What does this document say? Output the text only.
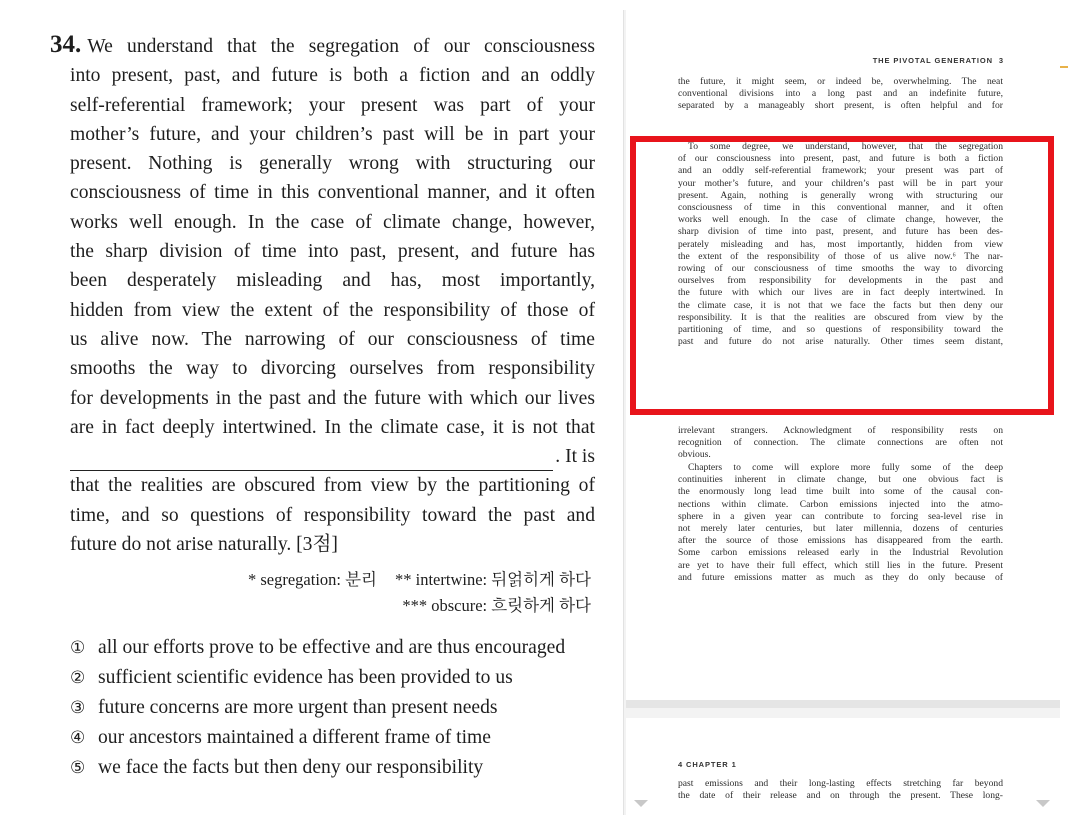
34. We understand that the segregation of our consciousness
into present, past, and future is both a fiction and an oddly
self-referential framework; your present was part of your
mother’s future, and your children’s past will be in part your
present. Nothing is generally wrong with structuring our
consciousness of time in this conventional manner, and it often
works well enough. In the case of climate change, however,
the sharp division of time into past, present, and future has
been desperately misleading and has, most importantly,
hidden from view the extent of the responsibility of those of
us alive now. The narrowing of our consciousness of time
smooths the way to divorcing ourselves from responsibility
for developments in the past and the future with which our lives
are in fact deeply intertwined. In the climate case, it is not that
. It is
that the realities are obscured from view by the partitioning of
time, and so questions of responsibility toward the past and
future do not arise naturally. [3점]
* segregation: 분리 ** intertwine: 뒤얽히게 하다
*** obscure: 흐릿하게 하다
① all our efforts prove to be effective and are thus encouraged
② sufficient scientific evidence has been provided to us
③ future concerns are more urgent than present needs
④ our ancestors maintained a different frame of time
⑤ we face the facts but then deny our responsibility
THE PIVOTAL GENERATION 3
the future, it might seem, or indeed be, overwhelming. The neat
conventional divisions into a long past and an indefinite future,
separated by a manageably short present, is often helpful and for
To some degree, we understand, however, that the segregation
of our consciousness into present, past, and future is both a fiction
and an oddly self-referential framework; your present was part of
your mother’s future, and your children’s past will be in part your
present. Again, nothing is generally wrong with structuring our
consciousness of time in this conventional manner, and it often
works well enough. In the case of climate change, however, the
sharp division of time into past, present, and future has been des-
perately misleading and has, most importantly, hidden from view
the extent of the responsibility of those of us alive now.⁶ The nar-
rowing of our consciousness of time smooths the way to divorcing
ourselves from responsibility for developments in the past and
the future with which our lives are in fact deeply intertwined. In
the climate case, it is not that we face the facts but then deny our
responsibility. It is that the realities are obscured from view by the
partitioning of time, and so questions of responsibility toward the
past and future do not arise naturally. Other times seem distant,
irrelevant strangers. Acknowledgment of responsibility rests on
recognition of connection. The climate connections are often not
obvious.
Chapters to come will explore more fully some of the deep
continuities inherent in climate change, but one obvious fact is
the enormously long lead time built into some of the causal con-
nections within climate. Carbon emissions injected into the atmo-
sphere in a given year can contribute to forcing sea-level rise in
not merely later centuries, but later millennia, dozens of centuries
after the source of those emissions has disappeared from the earth.
Some carbon emissions released early in the Industrial Revolution
are yet to have their full effect, which still lies in the future. Present
and future emissions matter as much as they do only because of
4 CHAPTER 1
past emissions and their long-lasting effects stretching far beyond
the date of their release and on through the present. These long-
